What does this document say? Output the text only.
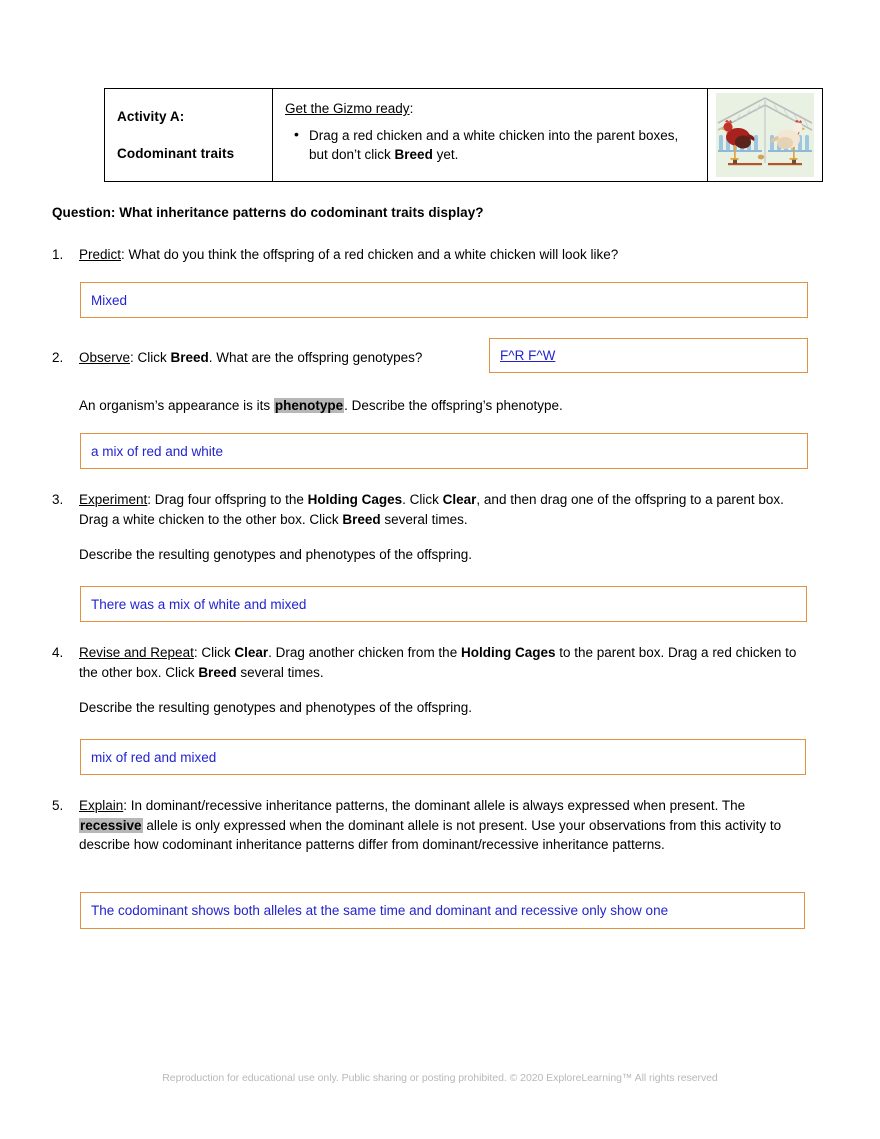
Activity A:
Codominant traits
	Get the Gizmo ready:
• Drag a red chicken and a white chicken into the parent boxes, but don’t click Breed yet.

Question: What inheritance patterns do codominant traits display?
1.	Predict: What do you think the offspring of a red chicken and a white chicken will look like?
Mixed
2.	Observe: Click Breed. What are the offspring genotypes?	F^R F^W
An organism’s appearance is its phenotype. Describe the offspring’s phenotype.
a mix of red and white
3.	Experiment: Drag four offspring to the Holding Cages. Click Clear, and then drag one of the offspring to a parent box. Drag a white chicken to the other box. Click Breed several times.
Describe the resulting genotypes and phenotypes of the offspring.
There was a mix of white and mixed
4.	Revise and Repeat: Click Clear. Drag another chicken from the Holding Cages to the parent box. Drag a red chicken to the other box. Click Breed several times.
Describe the resulting genotypes and phenotypes of the offspring.
mix of red and mixed
5.	Explain: In dominant/recessive inheritance patterns, the dominant allele is always expressed when present. The recessive allele is only expressed when the dominant allele is not present. Use your observations from this activity to describe how codominant inheritance patterns differ from dominant/recessive inheritance patterns.
The codominant shows both alleles at the same time and dominant and recessive only show one
Reproduction for educational use only. Public sharing or posting prohibited. © 2020 ExploreLearning™ All rights reserved
